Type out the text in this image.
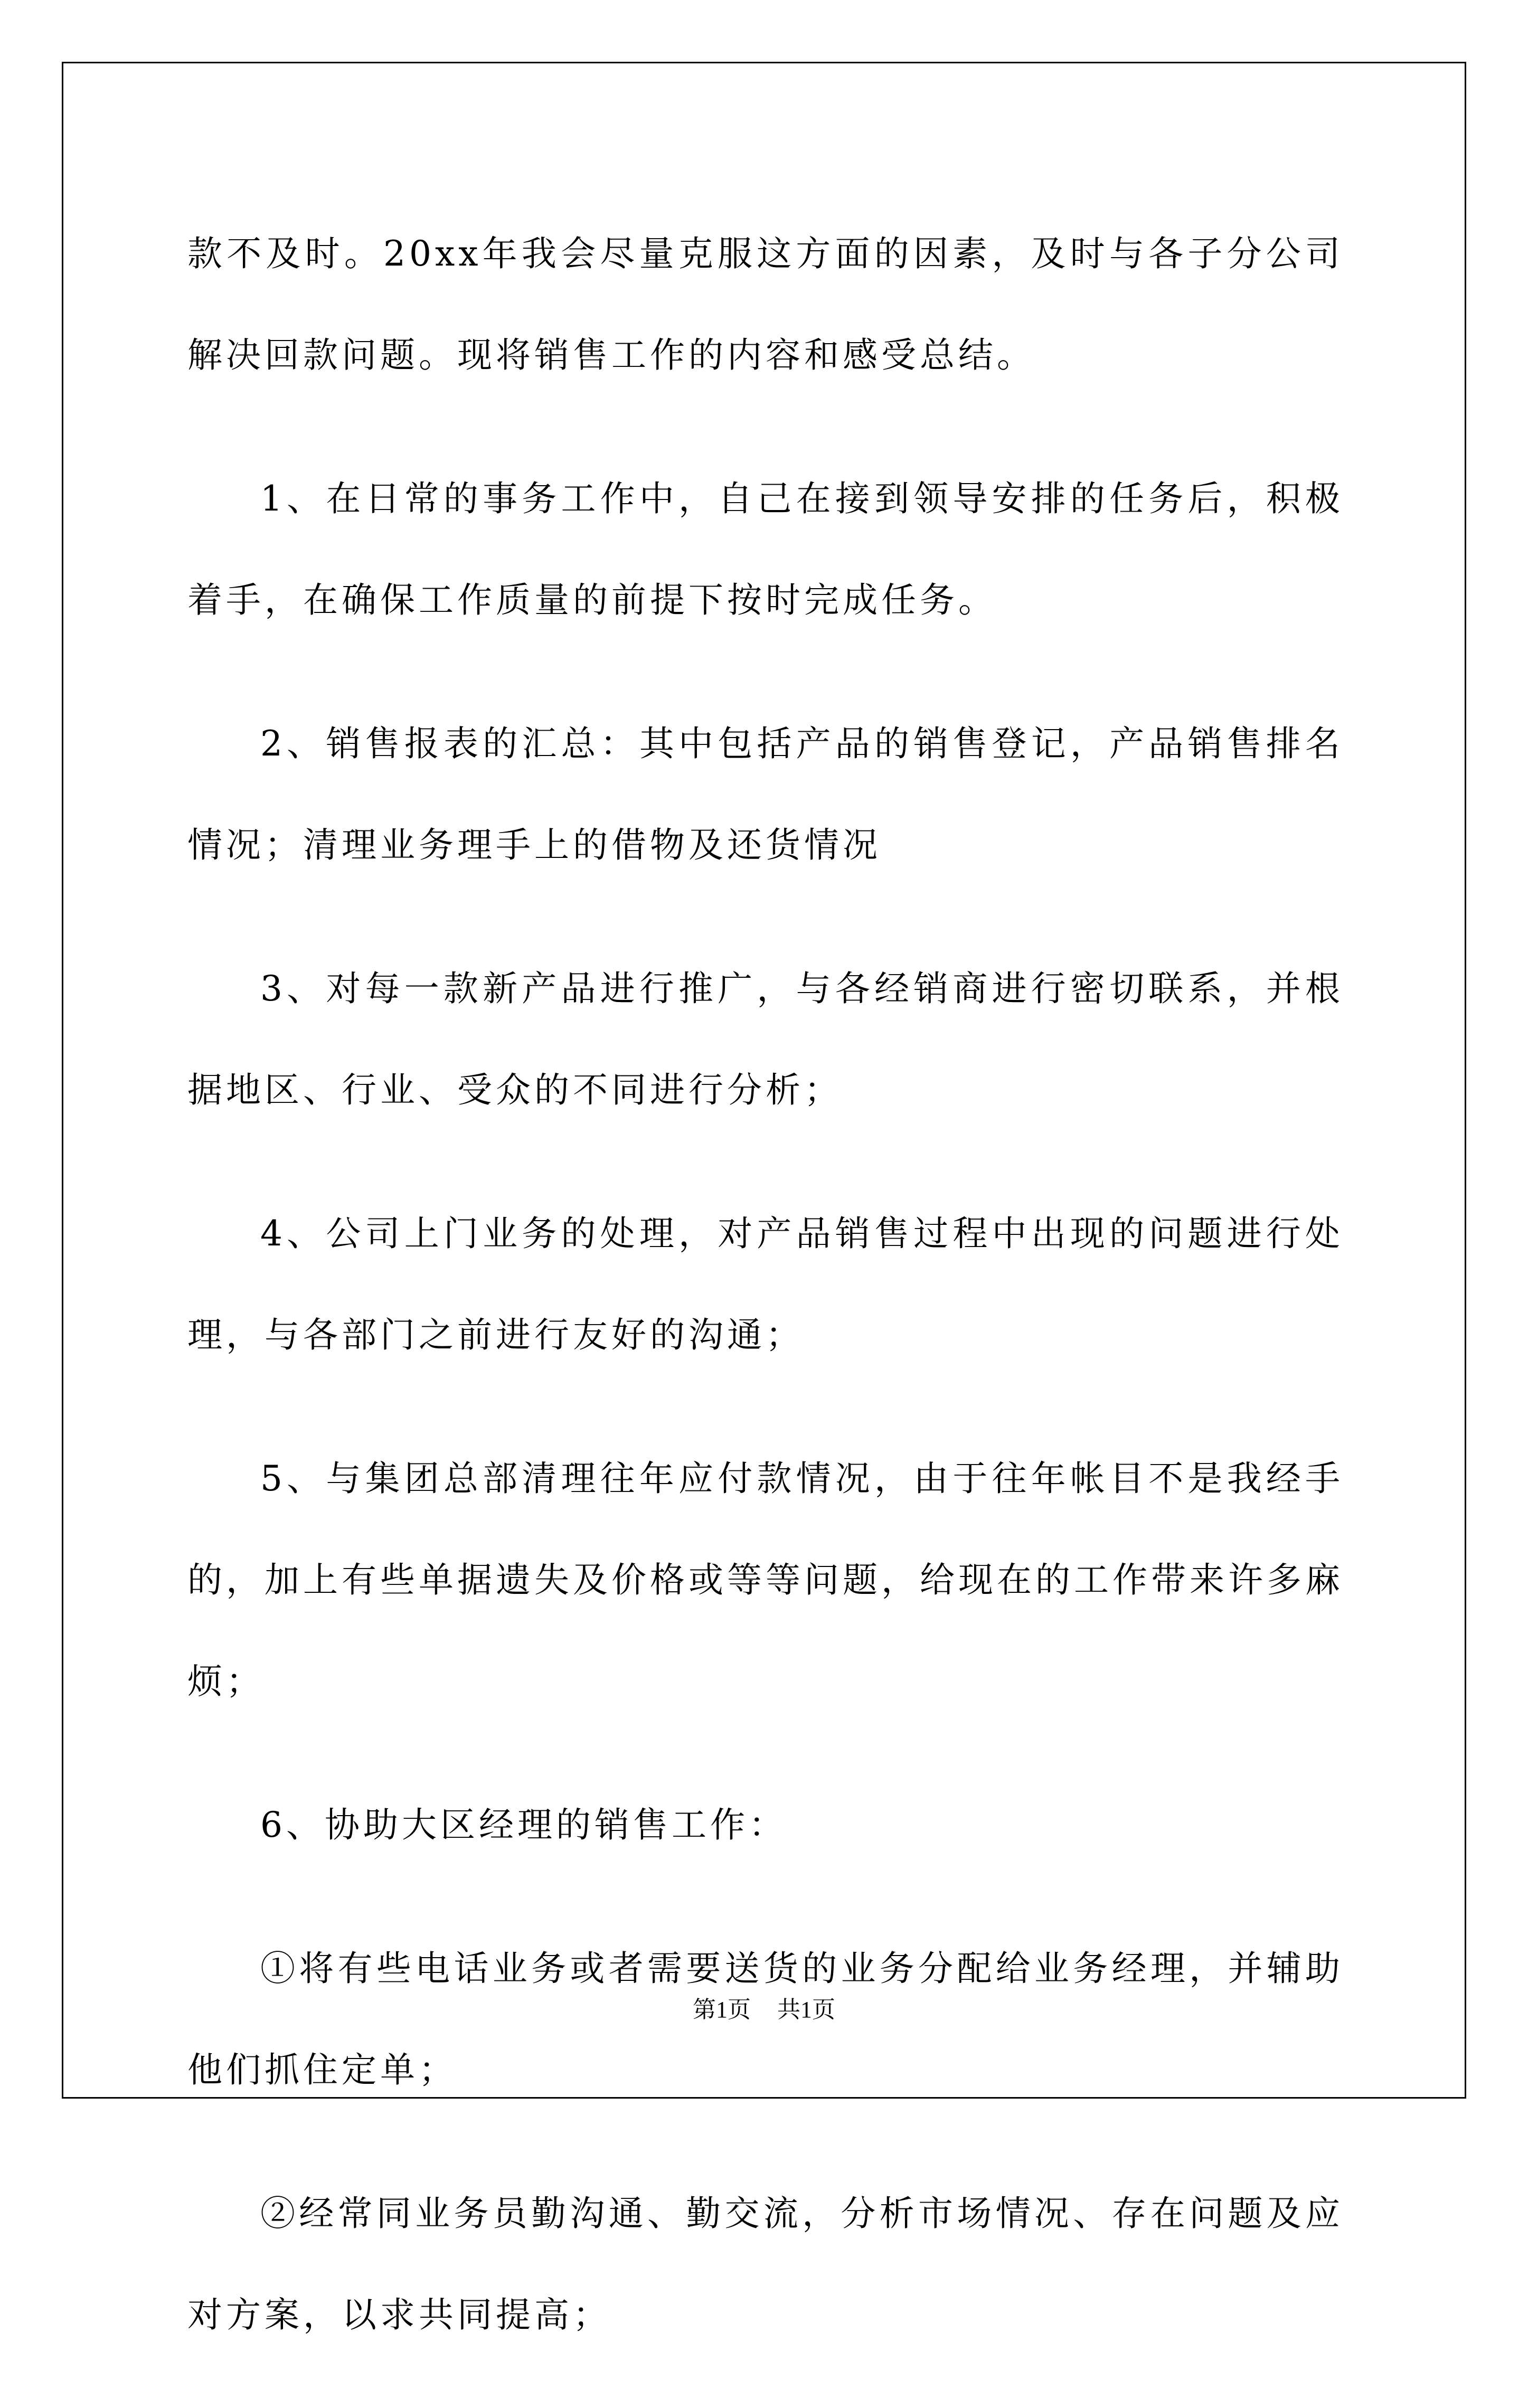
款不及时。20xx年我会尽量克服这方面的因素，及时与各子分公司解决回款问题。现将销售工作的内容和感受总结。

1、在日常的事务工作中，自己在接到领导安排的任务后，积极着手，在确保工作质量的前提下按时完成任务。

2、销售报表的汇总：其中包括产品的销售登记，产品销售排名情况；清理业务理手上的借物及还货情况

3、对每一款新产品进行推广，与各经销商进行密切联系，并根据地区、行业、受众的不同进行分析；

4、公司上门业务的处理，对产品销售过程中出现的问题进行处理，与各部门之前进行友好的沟通；

5、与集团总部清理往年应付款情况，由于往年帐目不是我经手的，加上有些单据遗失及价格或等等问题，给现在的工作带来许多麻烦；

6、协助大区经理的销售工作：

①将有些电话业务或者需要送货的业务分配给业务经理，并辅助他们抓住定单；

②经常同业务员勤沟通、勤交流，分析市场情况、存在问题及应对方案，以求共同提高；

第1页 共1页
